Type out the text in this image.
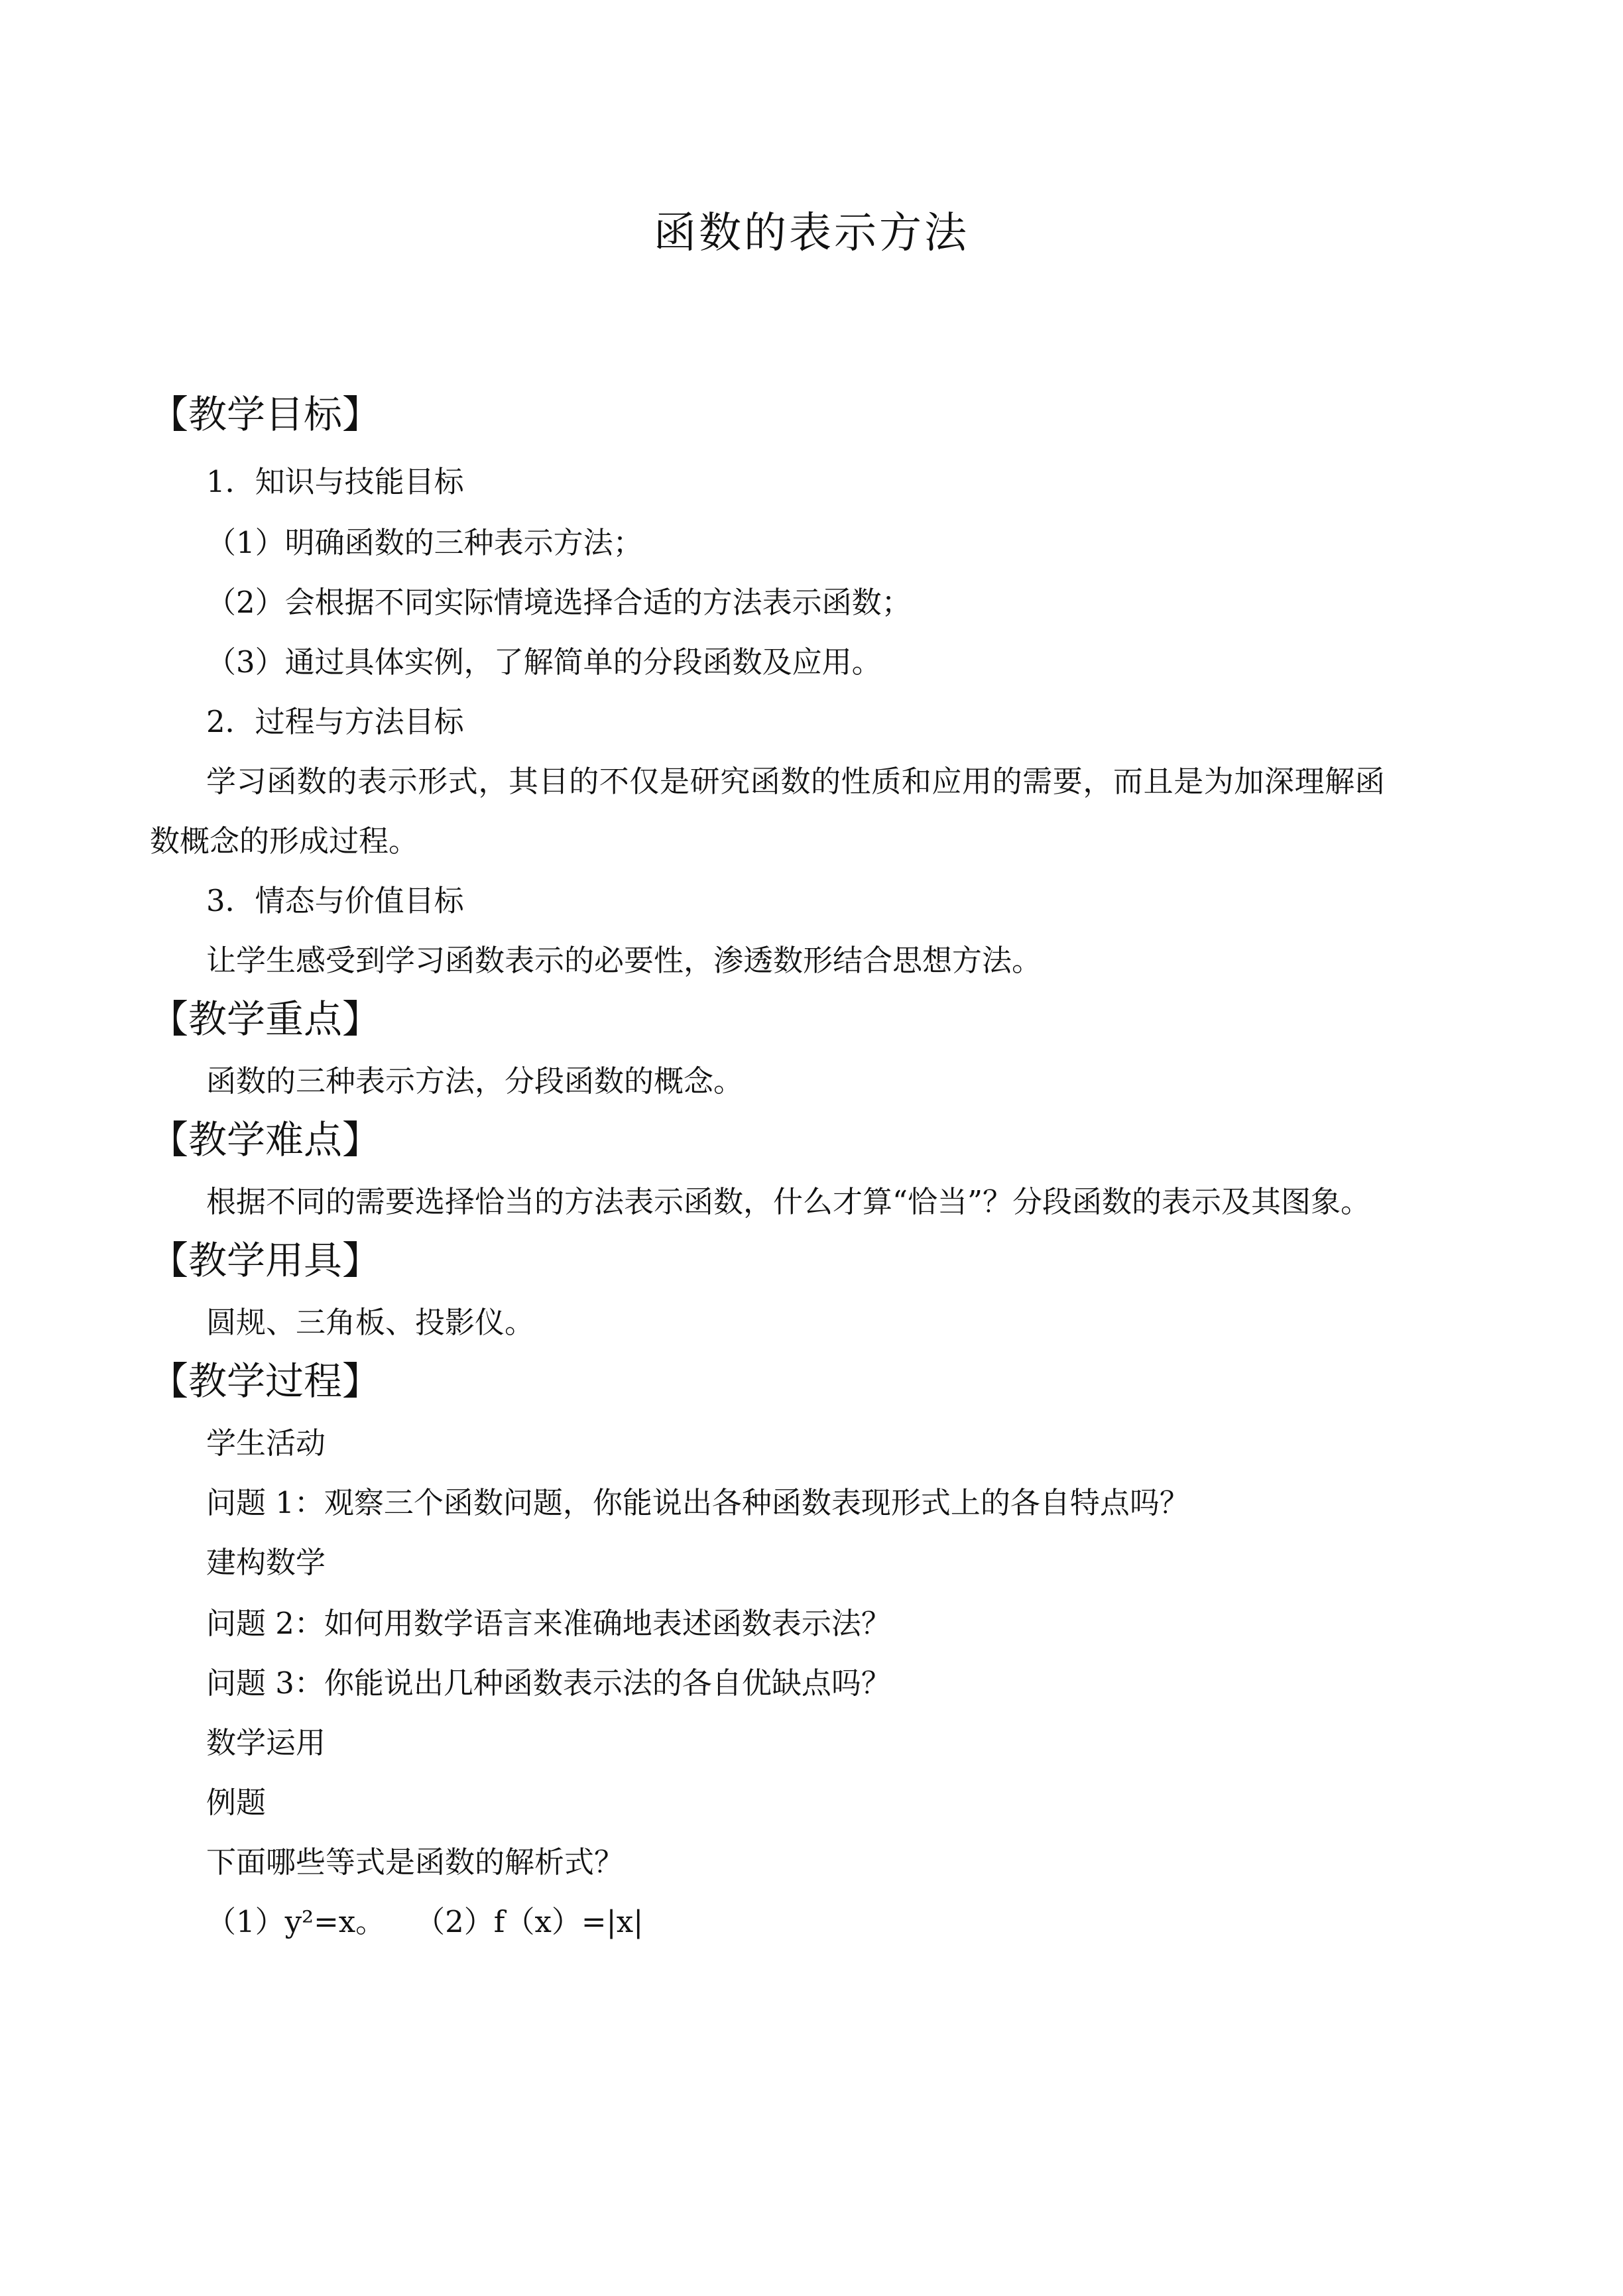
函数的表示方法
【教学目标】
1．知识与技能目标
（1）明确函数的三种表示方法；
（2）会根据不同实际情境选择合适的方法表示函数；
（3）通过具体实例，了解简单的分段函数及应用。
2．过程与方法目标
学习函数的表示形式，其目的不仅是研究函数的性质和应用的需要，而且是为加深理解函
数概念的形成过程。
3．情态与价值目标
让学生感受到学习函数表示的必要性，渗透数形结合思想方法。
【教学重点】
函数的三种表示方法，分段函数的概念。
【教学难点】
根据不同的需要选择恰当的方法表示函数，什么才算“恰当”？分段函数的表示及其图象。
【教学用具】
圆规、三角板、投影仪。
【教学过程】
学生活动
问题 1：观察三个函数问题，你能说出各种函数表现形式上的各自特点吗？
建构数学
问题 2：如何用数学语言来准确地表述函数表示法？
问题 3：你能说出几种函数表示法的各自优缺点吗？
数学运用
例题
下面哪些等式是函数的解析式？
（1）y²=x。　　（2）f（x）=|x|
